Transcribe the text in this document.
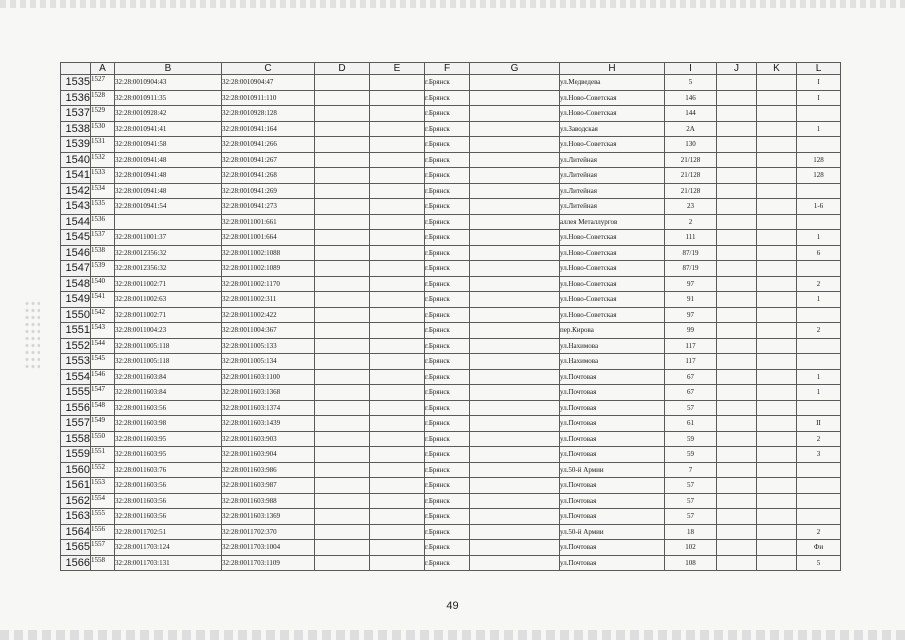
	A	B	C	D	E	F	G	H	I	J	K	L
1535	1527	32:28:0010904:43	32:28:0010904:47			г.Брянск		ул.Медведева	5			I
1536	1528	32:28:0010911:35	32:28:0010911:110			г.Брянск		ул.Ново-Советская	146			I
1537	1529	32:28:0010928:42	32:28:0010928:128			г.Брянск		ул.Ново-Советская	144			
1538	1530	32:28:0010941:41	32:28:0010941:164			г.Брянск		ул.Заводская	2А			1
1539	1531	32:28:0010941:58	32:28:0010941:266			г.Брянск		ул.Ново-Советская	130			
1540	1532	32:28:0010941:48	32:28:0010941:267			г.Брянск		ул.Литейная	21/128			128
1541	1533	32:28:0010941:48	32:28:0010941:268			г.Брянск		ул.Литейная	21/128			128
1542	1534	32:28:0010941:48	32:28:0010941:269			г.Брянск		ул.Литейная	21/128			
1543	1535	32:28:0010941:54	32:28:0010941:273			г.Брянск		ул.Литейная	23			1-6
1544	1536		32:28:0011001:661			г.Брянск		аллея Металлургов	2			
1545	1537	32:28:0011001:37	32:28:0011001:664			г.Брянск		ул.Ново-Советская	111			1
1546	1538	32:28:0012356:32	32:28:0011002:1088			г.Брянск		ул.Ново-Советская	87/19			6
1547	1539	32:28:0012356:32	32:28:0011002:1089			г.Брянск		ул.Ново-Советская	87/19			
1548	1540	32:28:0011002:71	32:28:0011002:1170			г.Брянск		ул.Ново-Советская	97			2
1549	1541	32:28:0011002:63	32:28:0011002:311			г.Брянск		ул.Ново-Советская	91			1
1550	1542	32:28:0011002:71	32:28:0011002:422			г.Брянск		ул.Ново-Советская	97			
1551	1543	32:28:0011004:23	32:28:0011004:367			г.Брянск		пер.Кирова	99			2
1552	1544	32:28:0011005:118	32:28:0011005:133			г.Брянск		ул.Нахимова	117			
1553	1545	32:28:0011005:118	32:28:0011005:134			г.Брянск		ул.Нахимова	117			
1554	1546	32:28:0011603:84	32:28:0011603:1100			г.Брянск		ул.Почтовая	67			1
1555	1547	32:28:0011603:84	32:28:0011603:1368			г.Брянск		ул.Почтовая	67			1
1556	1548	32:28:0011603:56	32:28:0011603:1374			г.Брянск		ул.Почтовая	57			
1557	1549	32:28:0011603:98	32:28:0011603:1439			г.Брянск		ул.Почтовая	61			II
1558	1550	32:28:0011603:95	32:28:0011603:903			г.Брянск		ул.Почтовая	59			2
1559	1551	32:28:0011603:95	32:28:0011603:904			г.Брянск		ул.Почтовая	59			3
1560	1552	32:28:0011603:76	32:28:0011603:986			г.Брянск		ул.50-й Армии	7			
1561	1553	32:28:0011603:56	32:28:0011603:987			г.Брянск		ул.Почтовая	57			
1562	1554	32:28:0011603:56	32:28:0011603:988			г.Брянск		ул.Почтовая	57			
1563	1555	32:28:0011603:56	32:28:0011603:1369			г.Брянск		ул.Почтовая	57			
1564	1556	32:28:0011702:51	32:28:0011702:370			г.Брянск		ул.50-й Армии	18			2
1565	1557	32:28:0011703:124	32:28:0011703:1004			г.Брянск		ул.Почтовая	102			Фи
1566	1558	32:28:0011703:131	32:28:0011703:1109			г.Брянск		ул.Почтовая	108			5
49
